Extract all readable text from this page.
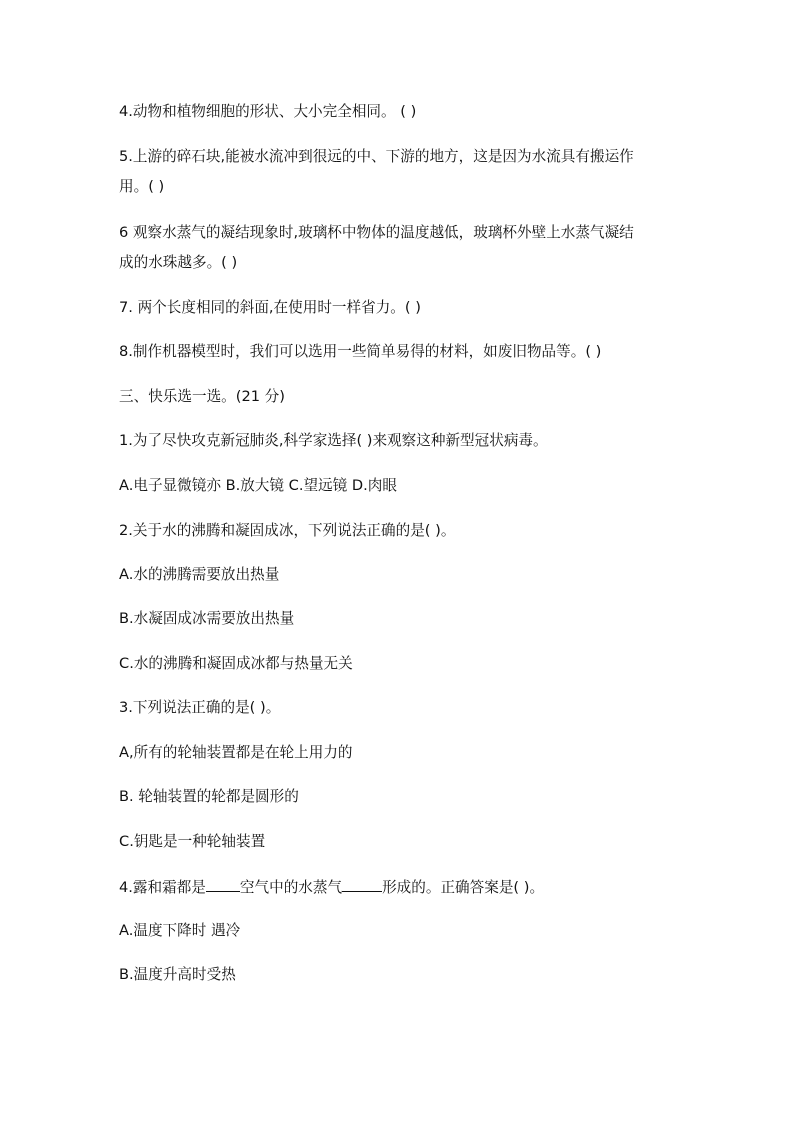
4.动物和植物细胞的形状、大小完全相同。 ( )
5.上游的碎石块,能被水流冲到很远的中、下游的地方，这是因为水流具有搬运作
用。( )
6 观察水蒸气的凝结现象时,玻璃杯中物体的温度越低，玻璃杯外壁上水蒸气凝结
成的水珠越多。( )
7. 两个长度相同的斜面,在使用时一样省力。( )
8.制作机器模型时，我们可以选用一些简单易得的材料，如废旧物品等。( )
三、快乐选一选。(21 分)
1.为了尽快攻克新冠肺炎,科学家选择( )来观察这种新型冠状病毒。
A.电子显微镜亦 B.放大镜 C.望远镜 D.肉眼
2.关于水的沸腾和凝固成冰，下列说法正确的是( )。
A.水的沸腾需要放出热量
B.水凝固成冰需要放出热量
C.水的沸腾和凝固成冰都与热量无关
3.下列说法正确的是( )。
A,所有的轮轴装置都是在轮上用力的
B. 轮轴装置的轮都是圆形的
C.钥匙是一种轮轴装置
4.露和霜都是 空气中的水蒸气	形成的。正确答案是( )。
A.温度下降时 遇冷
B.温度升高时受热
